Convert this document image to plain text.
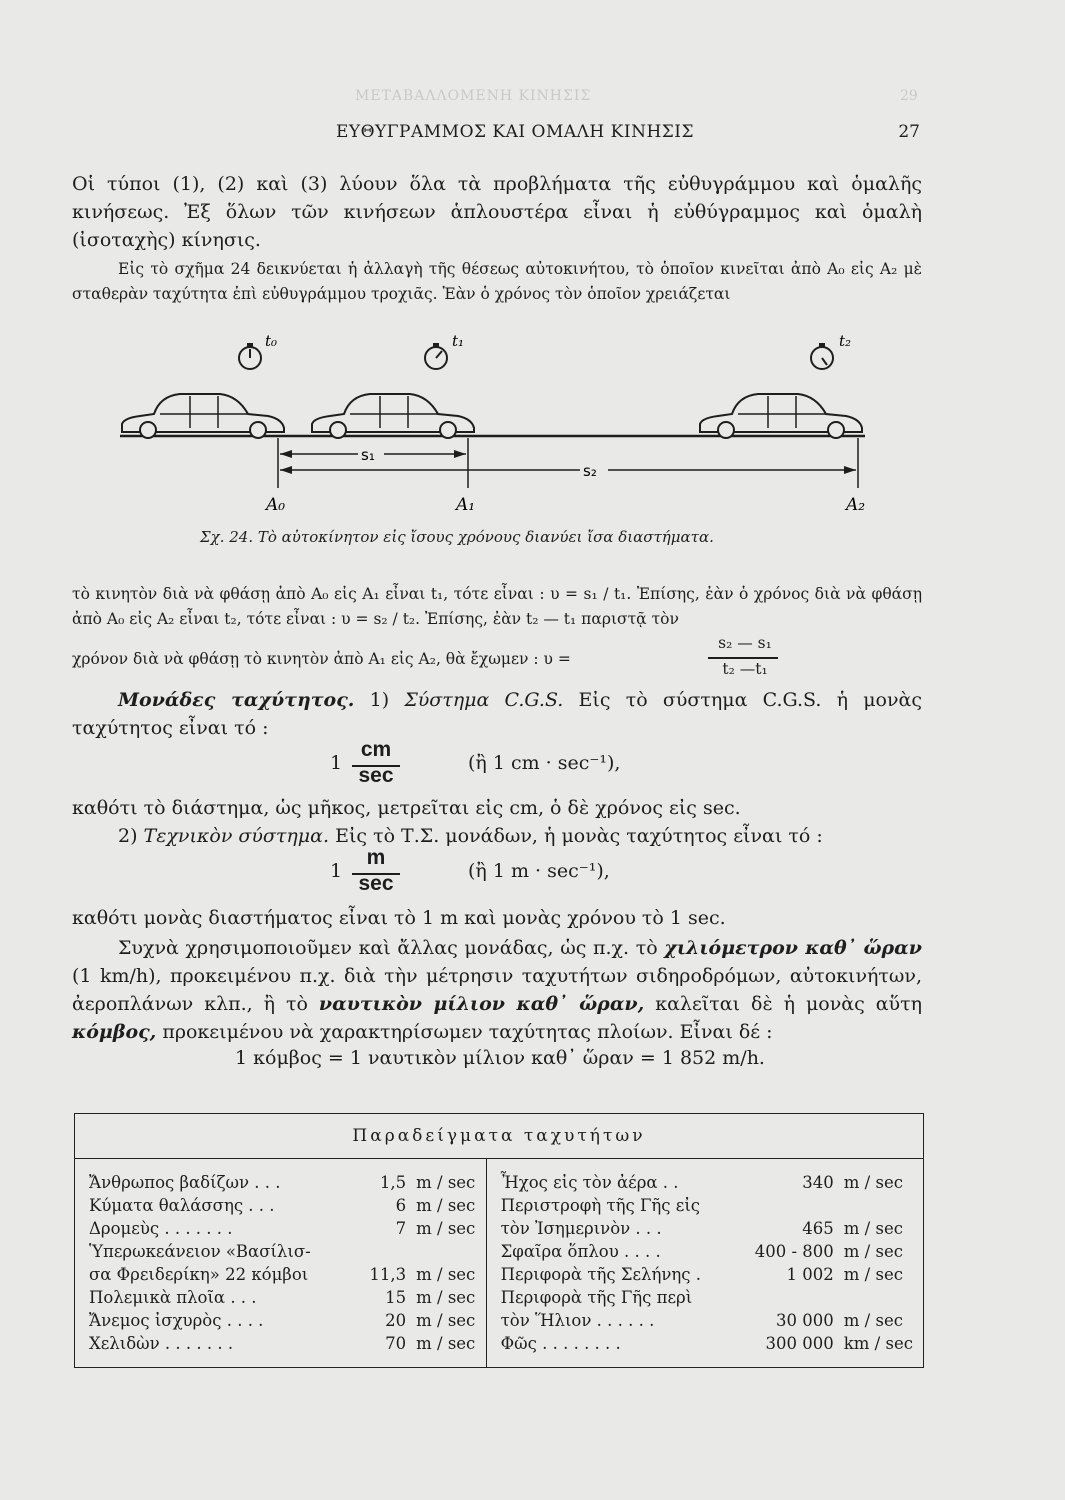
ΜΕΤΑΒΑΛΛΟΜΕΝΗ ΚΙΝΗΣΙΣ	29
ΕΥΘΥΓΡΑΜΜΟΣ ΚΑΙ ΟΜΑΛΗ ΚΙΝΗΣΙΣ	27
Οἱ τύποι (1), (2) καὶ (3) λύουν ὅλα τὰ προβλήματα τῆς εὐθυγράμμου καὶ ὁμαλῆς κινήσεως. Ἐξ ὅλων τῶν κινήσεων ἁπλουστέρα εἶναι ἡ εὐθύγραμμος καὶ ὁμαλὴ (ἰσοταχὴς) κίνησις.
Εἰς τὸ σχῆμα 24 δεικνύεται ἡ ἀλλαγὴ τῆς θέσεως αὐτοκινήτου, τὸ ὁποῖον κινεῖται ἀπὸ A₀ εἰς A₂ μὲ σταθερὰν ταχύτητα ἐπὶ εὐθυγράμμου τροχιᾶς. Ἐὰν ὁ χρόνος τὸν ὁποῖον χρειάζεται
t₀	t₁	t₂
s₁
s₂
A₀	A₁	A₂
Σχ. 24. Τὸ αὐτοκίνητον εἰς ἴσους χρόνους διανύει ἴσα διαστήματα.
τὸ κινητὸν διὰ νὰ φθάσῃ ἀπὸ A₀ εἰς A₁ εἶναι t₁, τότε εἶναι : υ = s₁ / t₁. Ἐπίσης, ἐὰν ὁ χρόνος διὰ νὰ φθάσῃ ἀπὸ A₀ εἰς A₂ εἶναι t₂, τότε εἶναι : υ = s₂ / t₂. Ἐπίσης, ἐὰν t₂ — t₁ παριστᾷ τὸν
χρόνον διὰ νὰ φθάσῃ τὸ κινητὸν ἀπὸ A₁ εἰς A₂, θὰ ἔχωμεν : υ =
s₂ — s₁
t₂ —t₁
Μονάδες ταχύτητος. 1) Σύστημα C.G.S. Εἰς τὸ σύστημα C.G.S. ἡ μονὰς ταχύτητος εἶναι τό :
1
cm
sec
(ἢ 1 cm · sec⁻¹),
καθότι τὸ διάστημα, ὡς μῆκος, μετρεῖται εἰς cm, ὁ δὲ χρόνος εἰς sec.
2) Τεχνικὸν σύστημα. Εἰς τὸ Τ.Σ. μονάδων, ἡ μονὰς ταχύτητος εἶναι τό :
1
m
sec
(ἢ 1 m · sec⁻¹),
καθότι μονὰς διαστήματος εἶναι τὸ 1 m καὶ μονὰς χρόνου τὸ 1 sec.
Συχνὰ χρησιμοποιοῦμεν καὶ ἄλλας μονάδας, ὡς π.χ. τὸ χιλιόμετρον καθ᾽ ὥραν (1 km/h), προκειμένου π.χ. διὰ τὴν μέτρησιν ταχυτήτων σιδηροδρόμων, αὐτοκινήτων, ἀεροπλάνων κλπ., ἢ τὸ ναυτικὸν μίλιον καθ᾽ ὥραν, καλεῖται δὲ ἡ μονὰς αὕτη κόμβος, προκειμένου νὰ χαρακτηρίσωμεν ταχύτητας πλοίων. Εἶναι δέ :
1 κόμβος = 1 ναυτικὸν μίλιον καθ᾽ ὥραν = 1 852 m/h.
Παραδείγματα ταχυτήτων					
Ἄνθρωπος βαδίζων . . .	1,5	m / sec	Ἦχος εἰς τὸν ἀέρα . .	340	m / sec
Κύματα θαλάσσης . . .	6	m / sec	Περιστροφὴ τῆς Γῆς εἰς		
Δρομεὺς . . . . . . .	7	m / sec	τὸν Ἰσημερινὸν . . .	465	m / sec
Ὑπερωκεάνειον «Βασίλισ-			Σφαῖρα ὅπλου . . . .	400 - 800	m / sec
σα Φρειδερίκη» 22 κόμβοι	11,3	m / sec	Περιφορὰ τῆς Σελήνης .	1 002	m / sec
Πολεμικὰ πλοῖα . . .	15	m / sec	Περιφορὰ τῆς Γῆς περὶ		
Ἄνεμος ἰσχυρὸς . . . .	20	m / sec	τὸν Ἥλιον . . . . . .	30 000	m / sec
Χελιδὼν . . . . . . .	70	m / sec	Φῶς . . . . . . . .	300 000	km / sec
